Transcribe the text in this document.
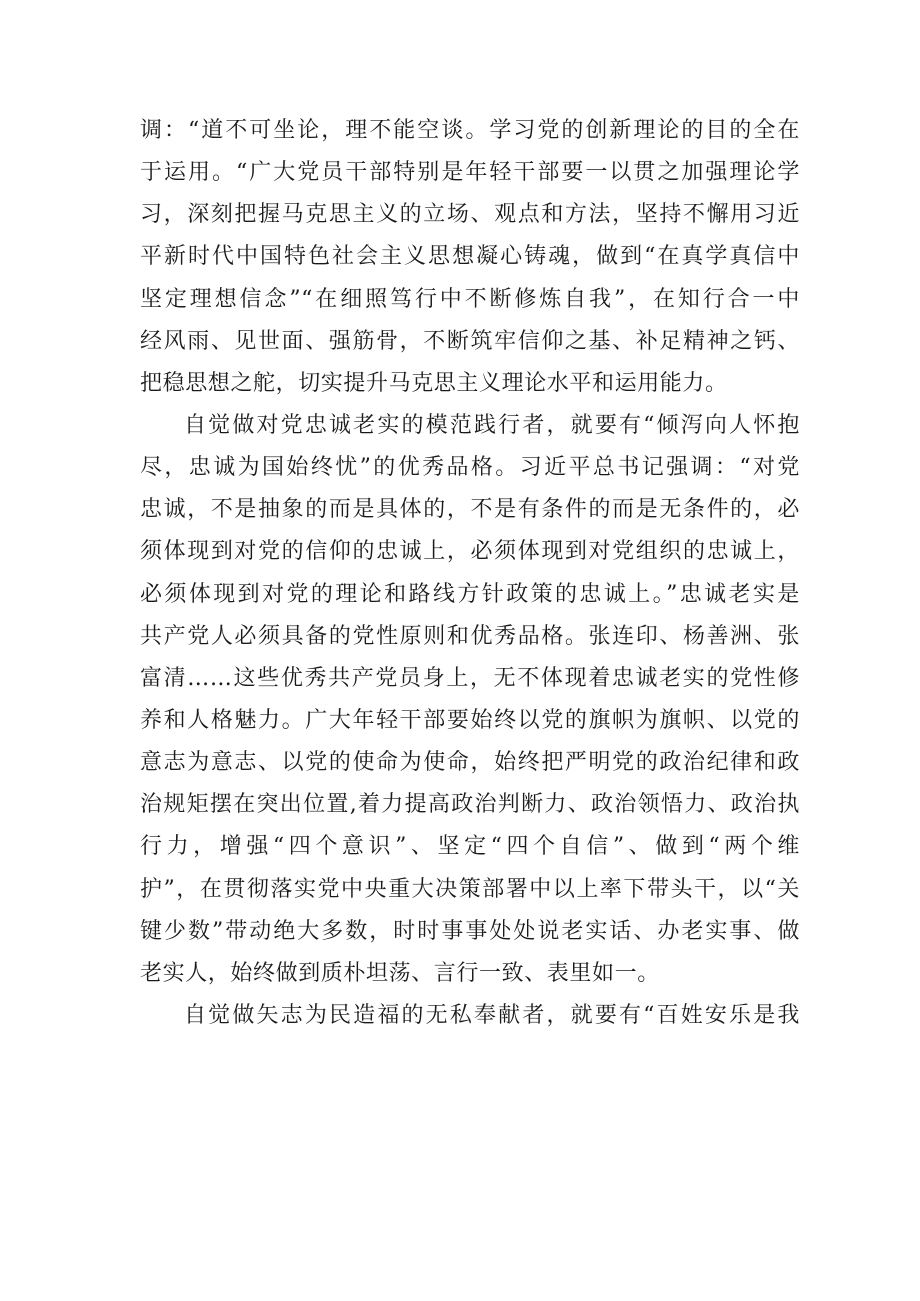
调：“道不可坐论，理不能空谈。学习党的创新理论的目的全在
于运用。“广大党员干部特别是年轻干部要一以贯之加强理论学
习，深刻把握马克思主义的立场、观点和方法，坚持不懈用习近
平新时代中国特色社会主义思想凝心铸魂，做到“在真学真信中
坚定理想信念”“在细照笃行中不断修炼自我”，在知行合一中
经风雨、见世面、强筋骨，不断筑牢信仰之基、补足精神之钙、
把稳思想之舵，切实提升马克思主义理论水平和运用能力。
自觉做对党忠诚老实的模范践行者，就要有“倾泻向人怀抱
尽，忠诚为国始终忧”的优秀品格。习近平总书记强调：“对党
忠诚，不是抽象的而是具体的，不是有条件的而是无条件的，必
须体现到对党的信仰的忠诚上，必须体现到对党组织的忠诚上，
必须体现到对党的理论和路线方针政策的忠诚上。”忠诚老实是
共产党人必须具备的党性原则和优秀品格。张连印、杨善洲、张
富清……这些优秀共产党员身上，无不体现着忠诚老实的党性修
养和人格魅力。广大年轻干部要始终以党的旗帜为旗帜、以党的
意志为意志、以党的使命为使命，始终把严明党的政治纪律和政
治规矩摆在突出位置,着力提高政治判断力、政治领悟力、政治执
行力，增强“四个意识”、坚定“四个自信”、做到“两个维
护”，在贯彻落实党中央重大决策部署中以上率下带头干，以“关
键少数”带动绝大多数，时时事事处处说老实话、办老实事、做
老实人，始终做到质朴坦荡、言行一致、表里如一。
自觉做矢志为民造福的无私奉献者，就要有“百姓安乐是我
